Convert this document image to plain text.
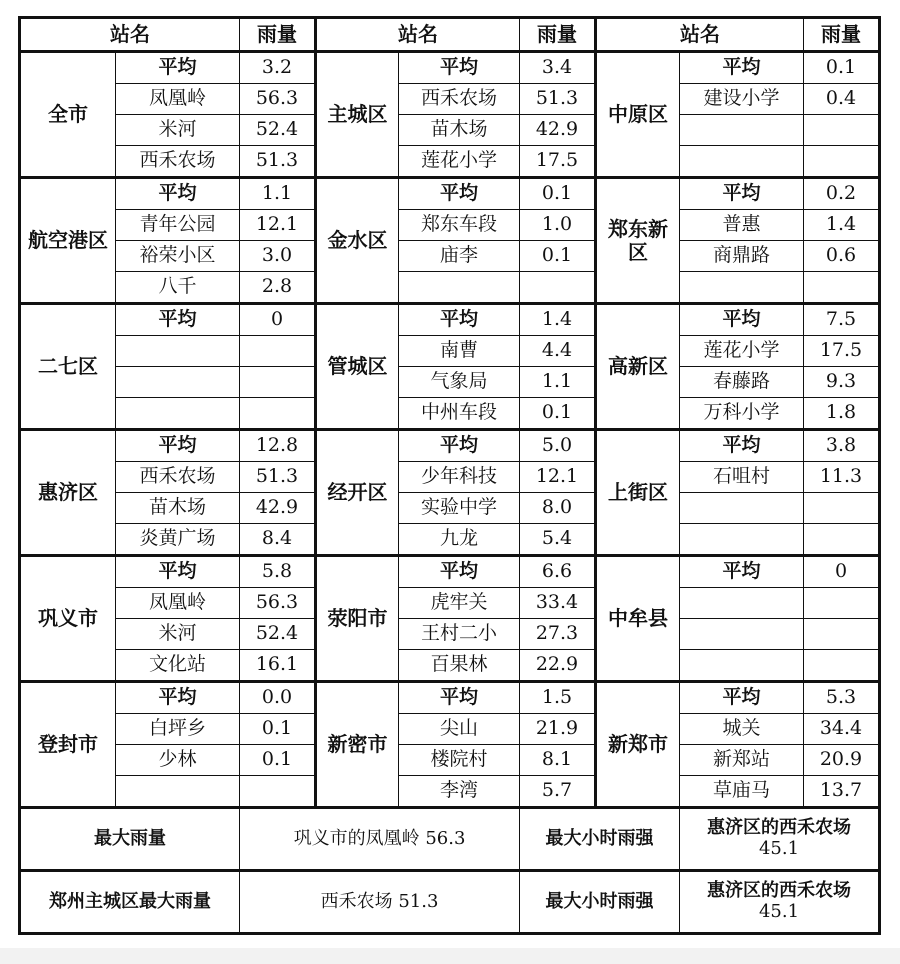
站名		雨量	站名		雨量	站名		雨量
全市	平均	3.2	主城区	平均	3.4	中原区	平均	0.1
	凤凰岭	56.3		西禾农场	51.3		建设小学	0.4
	米河	52.4		苗木场	42.9			
	西禾农场	51.3		莲花小学	17.5			
航空港区	平均	1.1	金水区	平均	0.1	郑东新区	平均	0.2
	青年公园	12.1		郑东车段	1.0		普惠	1.4
	裕荣小区	3.0		庙李	0.1		商鼎路	0.6
	八千	2.8						
二七区	平均	0	管城区	平均	1.4	高新区	平均	7.5
				南曹	4.4		莲花小学	17.5
				气象局	1.1		春藤路	9.3
				中州车段	0.1		万科小学	1.8
惠济区	平均	12.8	经开区	平均	5.0	上街区	平均	3.8
	西禾农场	51.3		少年科技	12.1		石咀村	11.3
	苗木场	42.9		实验中学	8.0			
	炎黄广场	8.4		九龙	5.4			
巩义市	平均	5.8	荥阳市	平均	6.6	中牟县	平均	0
	凤凰岭	56.3		虎牢关	33.4			
	米河	52.4		王村二小	27.3			
	文化站	16.1		百果林	22.9			
登封市	平均	0.0	新密市	平均	1.5	新郑市	平均	5.3
	白坪乡	0.1		尖山	21.9		城关	34.4
	少林	0.1		楼院村	8.1		新郑站	20.9
				李湾	5.7		草庙马	13.7
最大雨量		巩义市的凤凰岭 56.3			最大小时雨强		惠济区的西禾农场
45.1	

郑州主城区最大雨量		西禾农场 51.3			最大小时雨强		惠济区的西禾农场
45.1	
